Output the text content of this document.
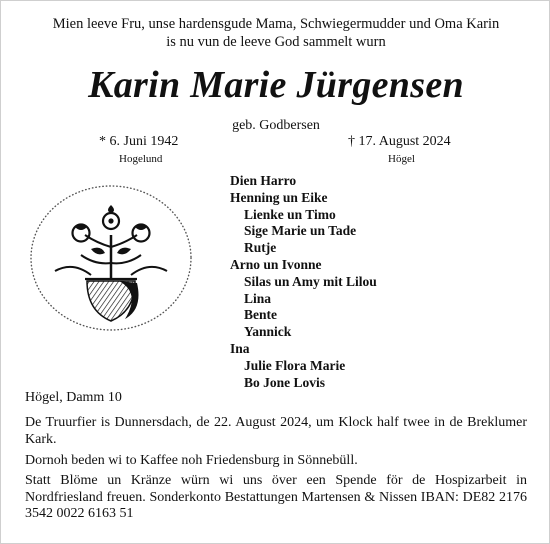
Mien leeve Fru, unse hardensgude Mama, Schwiegermudder und Oma Karin
is nu vun de leeve God sammelt wurn
Karin Marie Jürgensen
geb. Godbersen
* 6. Juni 1942
Hogelund
† 17. August 2024
Högel
Dien Harro
Henning un Eike
Lienke un Timo
Sige Marie un Tade
Rutje
Arno un Ivonne
Silas un Amy mit Lilou
Lina
Bente
Yannick
Ina
Julie Flora Marie
Bo Jone Lovis
Högel, Damm 10
De Truurfier is Dunnersdach, de 22. August 2024, um Klock half twee in de Breklumer Kark.
Dornoh beden wi to Kaffee noh Friedensburg in Sönnebüll.
Statt Blöme un Kränze würn wi uns över een Spende för de Hospizarbeit in Nordfriesland freuen. Sonderkonto Bestattungen Martensen & Nissen IBAN: DE82 2176 3542 0022 6163 51
